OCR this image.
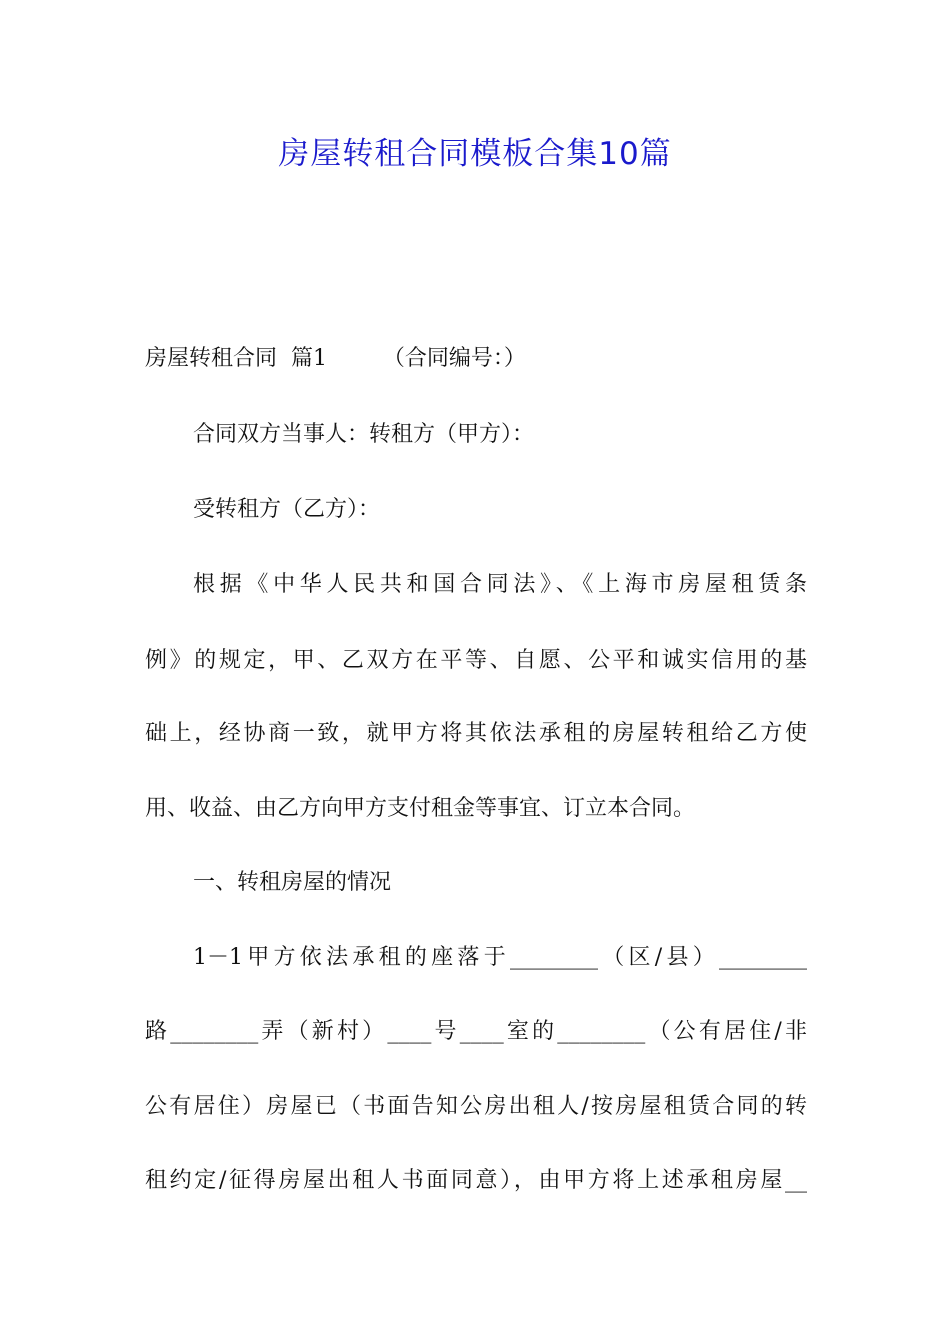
房屋转租合同模板合集10篇

房屋转租合同  篇1        （合同编号：）

合同双方当事人：转租方（甲方）：

受转租方（乙方）：

根据《中华人民共和国合同法》、《上海市房屋租赁条

例》的规定，甲、乙双方在平等、自愿、公平和诚实信用的基

础上，经协商一致，就甲方将其依法承租的房屋转租给乙方使

用、收益、由乙方向甲方支付租金等事宜、订立本合同。

一、转租房屋的情况

1－1甲方依法承租的座落于________（区/县）________

路________弄（新村）____号____室的________（公有居住/非

公有居住）房屋已（书面告知公房出租人/按房屋租赁合同的转

租约定/征得房屋出租人书面同意），由甲方将上述承租房屋__
